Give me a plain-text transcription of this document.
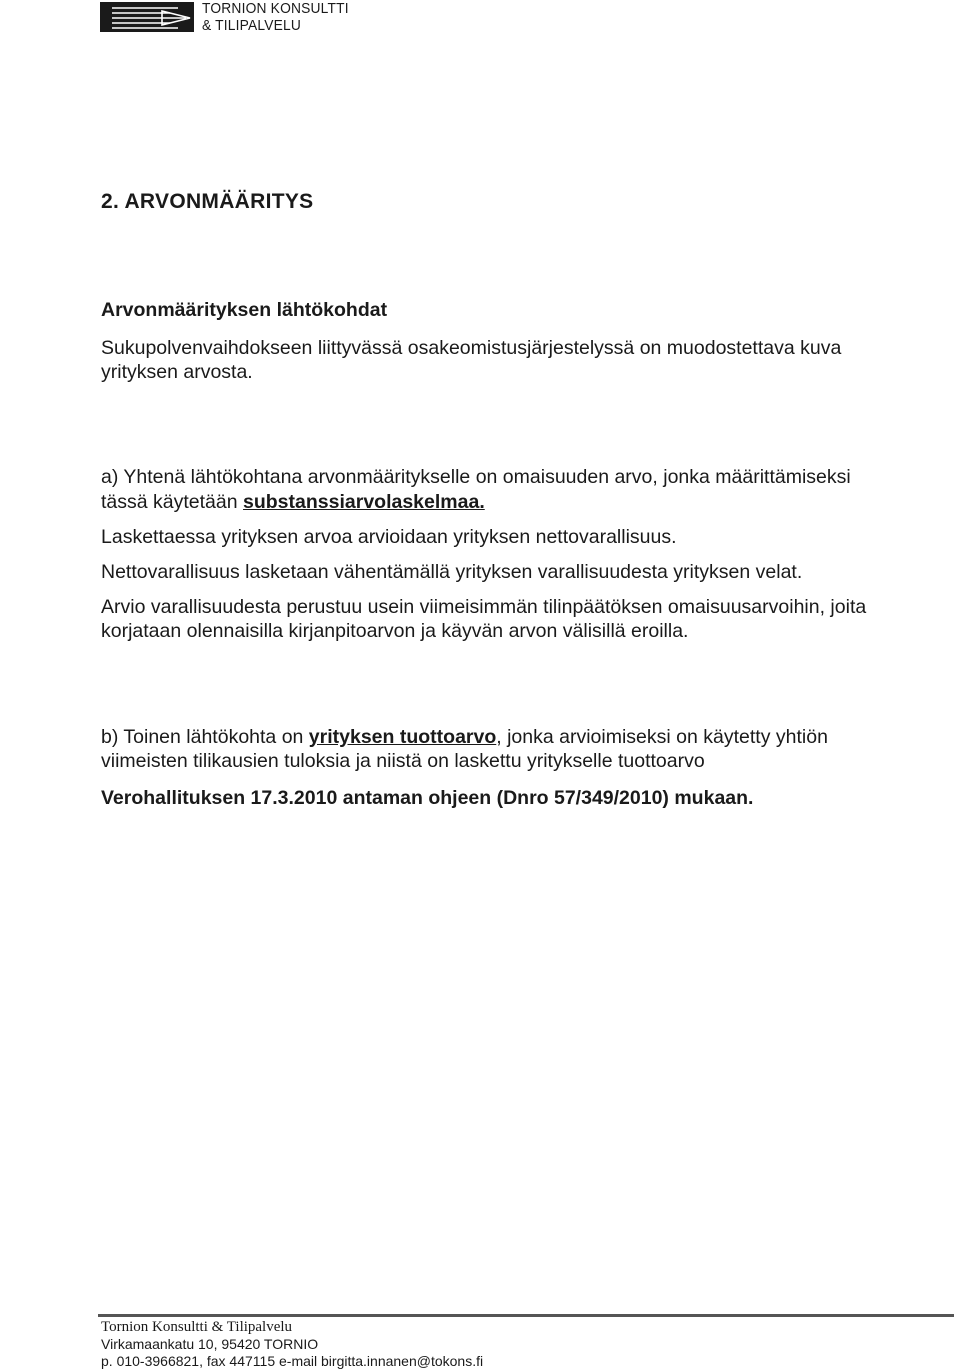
TORNION KONSULTTI
& TILIPALVELU
2. ARVONMÄÄRITYS
Arvonmäärityksen lähtökohdat
Sukupolvenvaihdokseen liittyvässä osakeomistusjärjestelyssä on muodostettava kuva
yrityksen arvosta.
a) Yhtenä lähtökohtana arvonmääritykselle on omaisuuden arvo, jonka määrittämiseksi
tässä käytetään substanssiarvolaskelmaa.
Laskettaessa yrityksen arvoa arvioidaan yrityksen nettovarallisuus.
Nettovarallisuus lasketaan vähentämällä yrityksen varallisuudesta yrityksen velat.
Arvio varallisuudesta perustuu usein viimeisimmän tilinpäätöksen omaisuusarvoihin, joita
korjataan olennaisilla kirjanpitoarvon ja käyvän arvon välisillä eroilla.
b) Toinen lähtökohta on yrityksen tuottoarvo, jonka arvioimiseksi on käytetty yhtiön
viimeisten tilikausien tuloksia ja niistä on laskettu yritykselle tuottoarvo
Verohallituksen 17.3.2010 antaman ohjeen (Dnro 57/349/2010) mukaan.
Tornion Konsultti & Tilipalvelu
Virkamaankatu 10, 95420 TORNIO
p. 010-3966821, fax 447115 e-mail birgitta.innanen@tokons.fi
